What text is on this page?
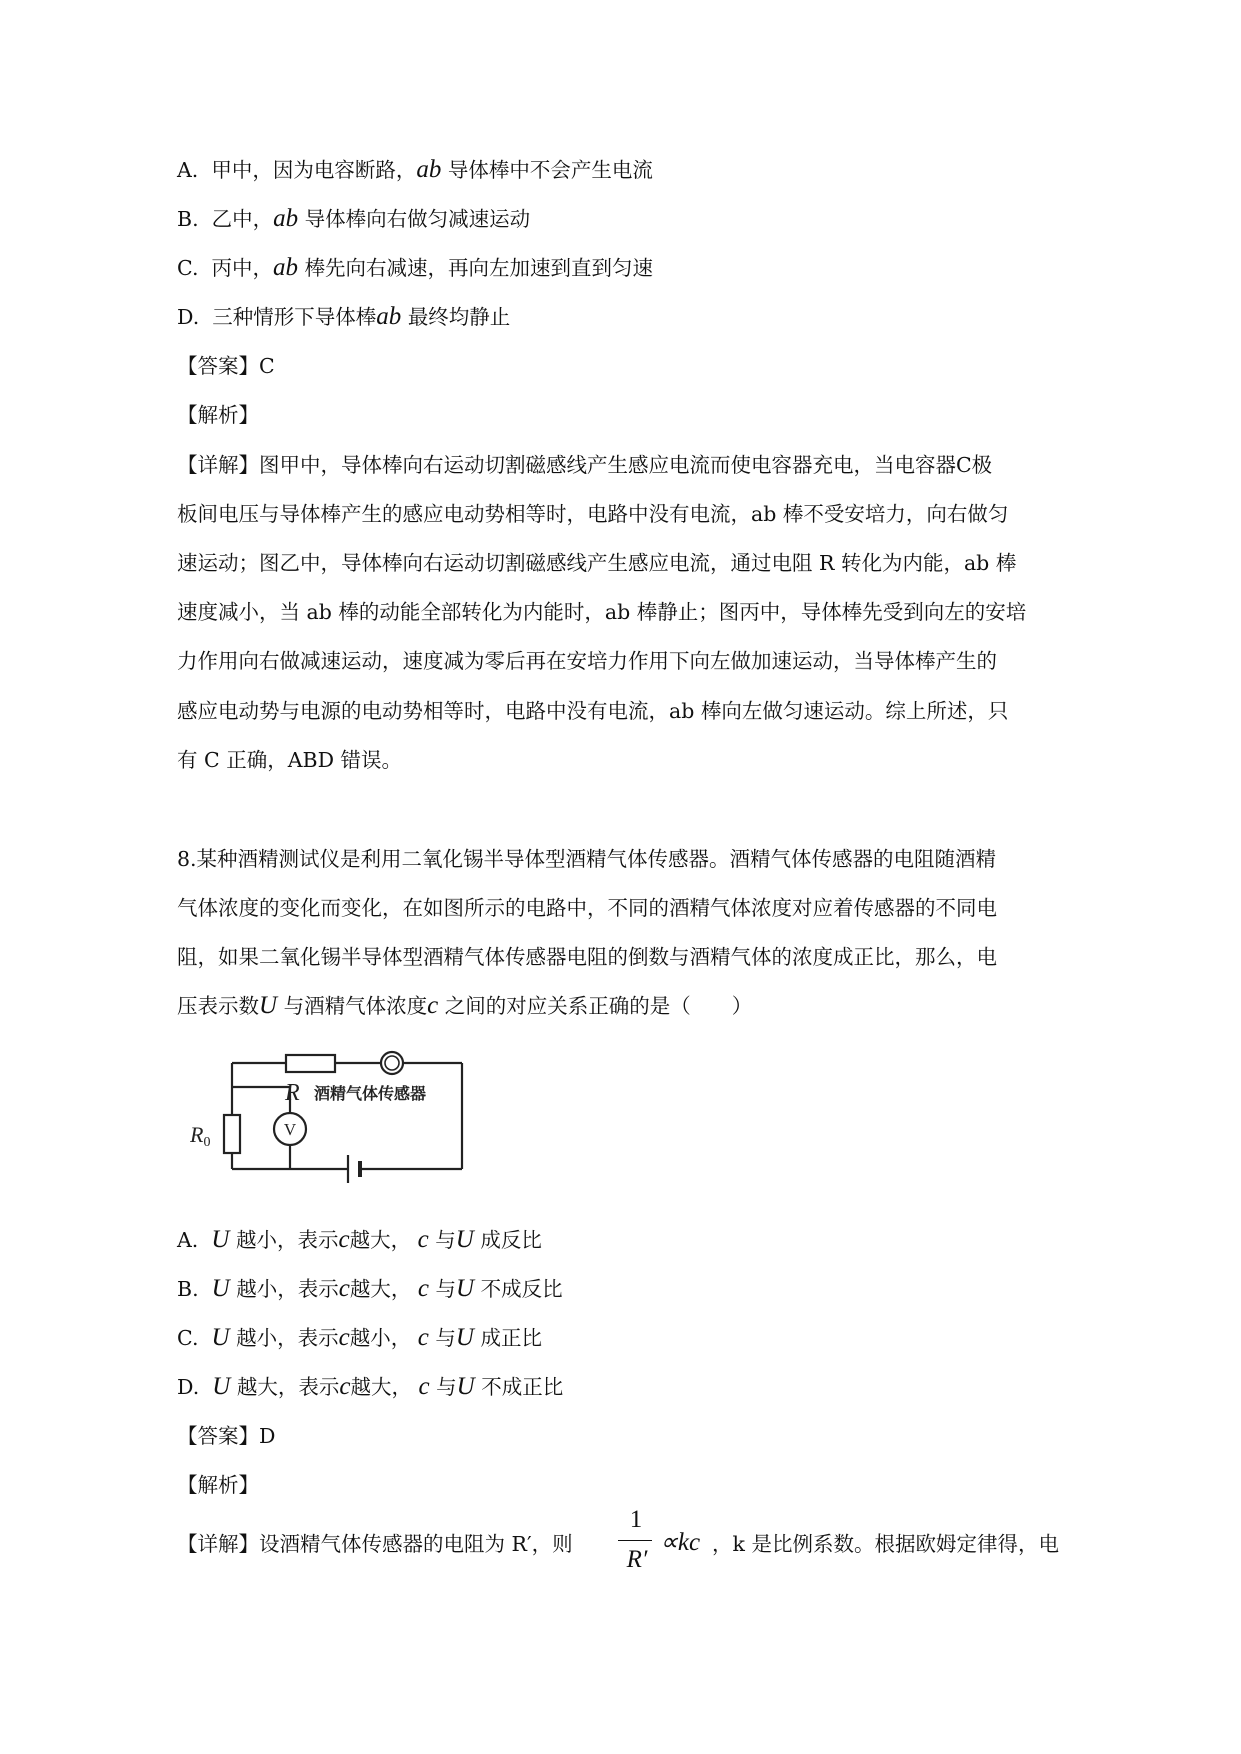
A. 甲中，因为电容断路，ab 导体棒中不会产生电流
B. 乙中，ab 导体棒向右做匀减速运动
C. 丙中，ab 棒先向右减速，再向左加速到直到匀速
D. 三种情形下导体棒ab 最终均静止
【答案】C
【解析】
【详解】图甲中，导体棒向右运动切割磁感线产生感应电流而使电容器充电，当电容器C极
板间电压与导体棒产生的感应电动势相等时，电路中没有电流，ab 棒不受安培力，向右做匀
速运动；图乙中，导体棒向右运动切割磁感线产生感应电流，通过电阻 R 转化为内能，ab 棒
速度减小，当 ab 棒的动能全部转化为内能时，ab 棒静止；图丙中，导体棒先受到向左的安培
力作用向右做减速运动，速度减为零后再在安培力作用下向左做加速运动，当导体棒产生的
感应电动势与电源的电动势相等时，电路中没有电流，ab 棒向左做匀速运动。综上所述，只
有 C 正确，ABD 错误。
8.某种酒精测试仪是利用二氧化锡半导体型酒精气体传感器。酒精气体传感器的电阻随酒精
气体浓度的变化而变化，在如图所示的电路中，不同的酒精气体浓度对应着传感器的不同电
阻，如果二氧化锡半导体型酒精气体传感器电阻的倒数与酒精气体的浓度成正比，那么，电
压表示数U 与酒精气体浓度c 之间的对应关系正确的是（　　）
R 酒精气体传感器
R0
V
A. U 越小，表示c越大， c 与U 成反比
B. U 越小，表示c越大， c 与U 不成反比
C. U 越小，表示c越小， c 与U 成正比
D. U 越大，表示c越大， c 与U 不成正比
【答案】D
【解析】
【详解】设酒精气体传感器的电阻为 R′，则
1
R′
∝kc ，k 是比例系数。根据欧姆定律得，电
